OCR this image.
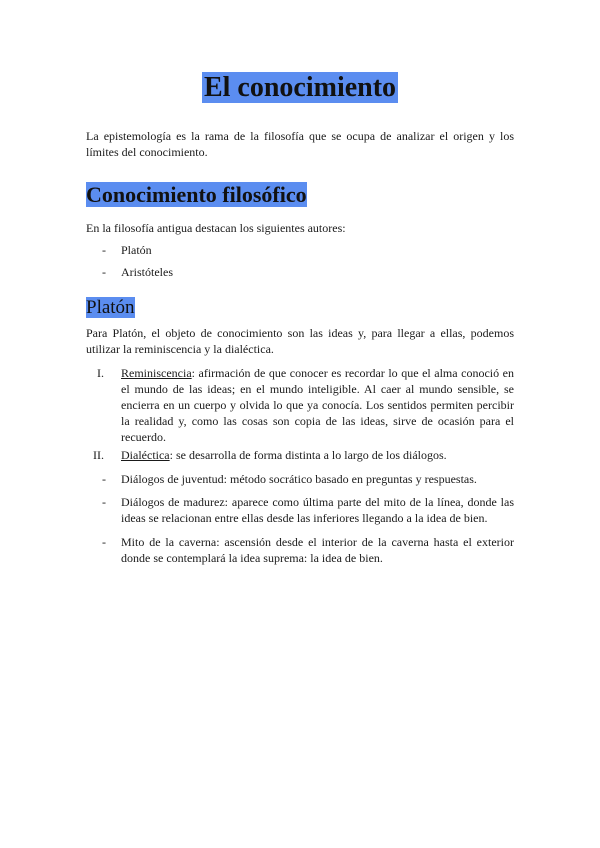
El conocimiento
La epistemología es la rama de la filosofía que se ocupa de analizar el origen y los límites del conocimiento.
Conocimiento filosófico
En la filosofía antigua destacan los siguientes autores:
- Platón
- Aristóteles
Platón
Para Platón, el objeto de conocimiento son las ideas y, para llegar a ellas, podemos utilizar la reminiscencia y la dialéctica.
I. Reminiscencia: afirmación de que conocer es recordar lo que el alma conoció en el mundo de las ideas; en el mundo inteligible. Al caer al mundo sensible, se encierra en un cuerpo y olvida lo que ya conocía. Los sentidos permiten percibir la realidad y, como las cosas son copia de las ideas, sirve de ocasión para el recuerdo.
II. Dialéctica: se desarrolla de forma distinta a lo largo de los diálogos.
- Diálogos de juventud: método socrático basado en preguntas y respuestas.
- Diálogos de madurez: aparece como última parte del mito de la línea, donde las ideas se relacionan entre ellas desde las inferiores llegando a la idea de bien.
- Mito de la caverna: ascensión desde el interior de la caverna hasta el exterior donde se contemplará la idea suprema: la idea de bien.
